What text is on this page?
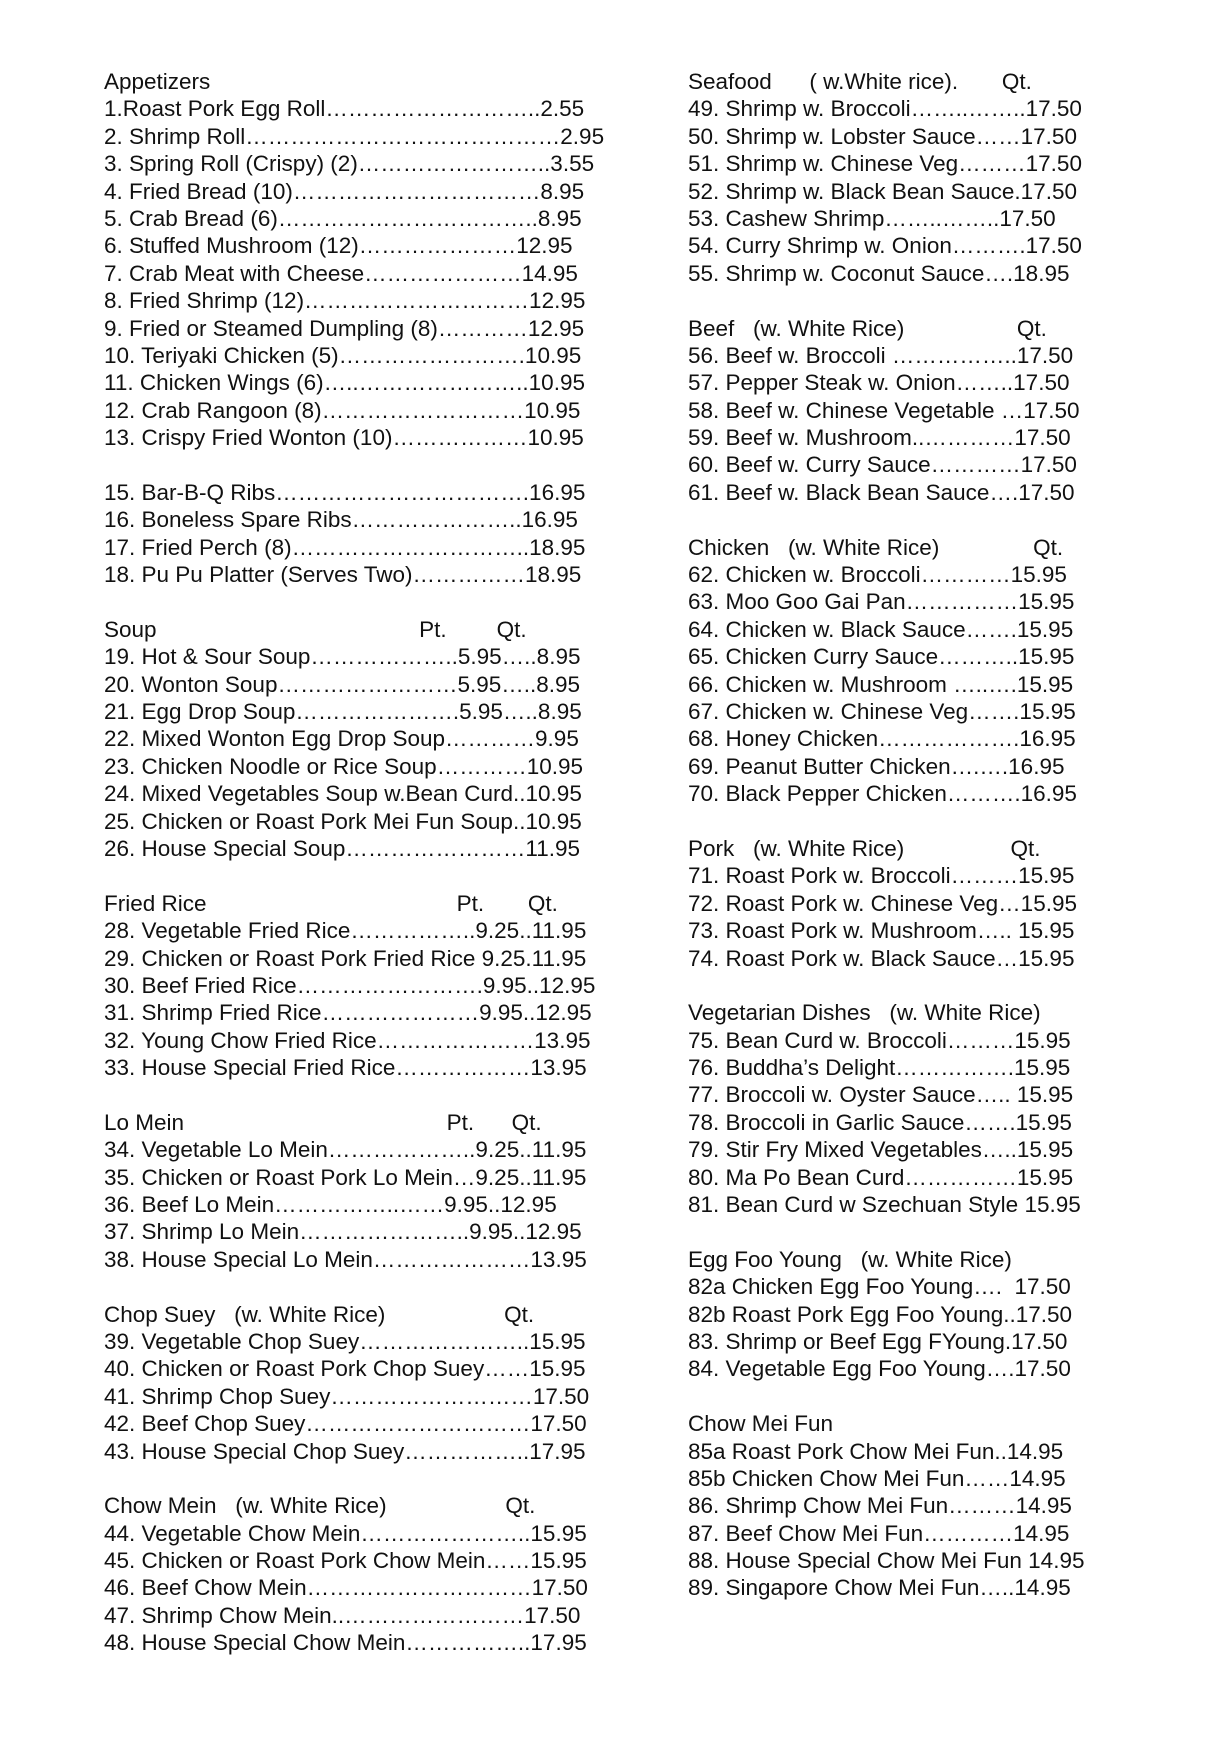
Appetizers
1.Roast Pork Egg Roll………………………..2.55
2. Shrimp Roll……………………………………2.95
3. Spring Roll (Crispy) (2)……………………..3.55
4. Fried Bread (10)……………………………8.95
5. Crab Bread (6)……………………………..8.95
6. Stuffed Mushroom (12)…………………12.95
7. Crab Meat with Cheese…………………14.95
8. Fried Shrimp (12)…………………………12.95
9. Fried or Steamed Dumpling (8)…………12.95
10. Teriyaki Chicken (5)…………………….10.95
11. Chicken Wings (6)…..…………………..10.95
12. Crab Rangoon (8)………………………10.95
13. Crispy Fried Wonton (10)………………10.95
15. Bar-B-Q Ribs…………………………….16.95
16. Boneless Spare Ribs…………………..16.95
17. Fried Perch (8)…………………………..18.95
18. Pu Pu Platter (Serves Two)……………18.95
Soup                                          Pt.        Qt.
19. Hot & Sour Soup………………..5.95…..8.95
20. Wonton Soup……………………5.95…..8.95
21. Egg Drop Soup………………….5.95…..8.95
22. Mixed Wonton Egg Drop Soup…………9.95
23. Chicken Noodle or Rice Soup…………10.95
24. Mixed Vegetables Soup w.Bean Curd..10.95
25. Chicken or Roast Pork Mei Fun Soup..10.95
26. House Special Soup……………………11.95
Fried Rice                                        Pt.       Qt.
28. Vegetable Fried Rice……………..9.25..11.95
29. Chicken or Roast Pork Fried Rice 9.25.11.95
30. Beef Fried Rice…………………….9.95..12.95
31. Shrimp Fried Rice…………………9.95..12.95
32. Young Chow Fried Rice…………………13.95
33. House Special Fried Rice………………13.95
Lo Mein                                          Pt.      Qt.
34. Vegetable Lo Mein………………..9.25..11.95
35. Chicken or Roast Pork Lo Mein…9.25..11.95
36. Beef Lo Mein……………..……9.95..12.95
37. Shrimp Lo Mein…………………..9.95..12.95
38. House Special Lo Mein…………………13.95
Chop Suey   (w. White Rice)                   Qt.
39. Vegetable Chop Suey…………………..15.95
40. Chicken or Roast Pork Chop Suey……15.95
41. Shrimp Chop Suey………………………17.50
42. Beef Chop Suey…………………………17.50
43. House Special Chop Suey……………..17.95
Chow Mein   (w. White Rice)                   Qt.
44. Vegetable Chow Mein…………………..15.95
45. Chicken or Roast Pork Chow Mein……15.95
46. Beef Chow Mein…………………………17.50
47. Shrimp Chow Mein..……………………17.50
48. House Special Chow Mein……………..17.95
Seafood      ( w.White rice).       Qt.
49. Shrimp w. Broccoli……..……..17.50
50. Shrimp w. Lobster Sauce……17.50
51. Shrimp w. Chinese Veg………17.50
52. Shrimp w. Black Bean Sauce.17.50
53. Cashew Shrimp……..……..17.50
54. Curry Shrimp w. Onion……….17.50
55. Shrimp w. Coconut Sauce….18.95
Beef   (w. White Rice)                  Qt.
56. Beef w. Broccoli ……………..17.50
57. Pepper Steak w. Onion……..17.50
58. Beef w. Chinese Vegetable …17.50
59. Beef w. Mushroom..…………17.50
60. Beef w. Curry Sauce…………17.50
61. Beef w. Black Bean Sauce….17.50
Chicken   (w. White Rice)               Qt.
62. Chicken w. Broccoli…………15.95
63. Moo Goo Gai Pan……………15.95
64. Chicken w. Black Sauce…….15.95
65. Chicken Curry Sauce………..15.95
66. Chicken w. Mushroom …..….15.95
67. Chicken w. Chinese Veg…….15.95
68. Honey Chicken……………….16.95
69. Peanut Butter Chicken….….16.95
70. Black Pepper Chicken……….16.95
Pork   (w. White Rice)                 Qt.
71. Roast Pork w. Broccoli………15.95
72. Roast Pork w. Chinese Veg…15.95
73. Roast Pork w. Mushroom….. 15.95
74. Roast Pork w. Black Sauce…15.95
Vegetarian Dishes   (w. White Rice)
75. Bean Curd w. Broccoli………15.95
76. Buddha’s Delight…………….15.95
77. Broccoli w. Oyster Sauce….. 15.95
78. Broccoli in Garlic Sauce…….15.95
79. Stir Fry Mixed Vegetables…..15.95
80. Ma Po Bean Curd……………15.95
81. Bean Curd w Szechuan Style 15.95
Egg Foo Young   (w. White Rice)
82a Chicken Egg Foo Young….  17.50
82b Roast Pork Egg Foo Young..17.50
83. Shrimp or Beef Egg FYoung.17.50
84. Vegetable Egg Foo Young….17.50
Chow Mei Fun
85a Roast Pork Chow Mei Fun..14.95
85b Chicken Chow Mei Fun……14.95
86. Shrimp Chow Mei Fun………14.95
87. Beef Chow Mei Fun…………14.95
88. House Special Chow Mei Fun 14.95
89. Singapore Chow Mei Fun…..14.95
